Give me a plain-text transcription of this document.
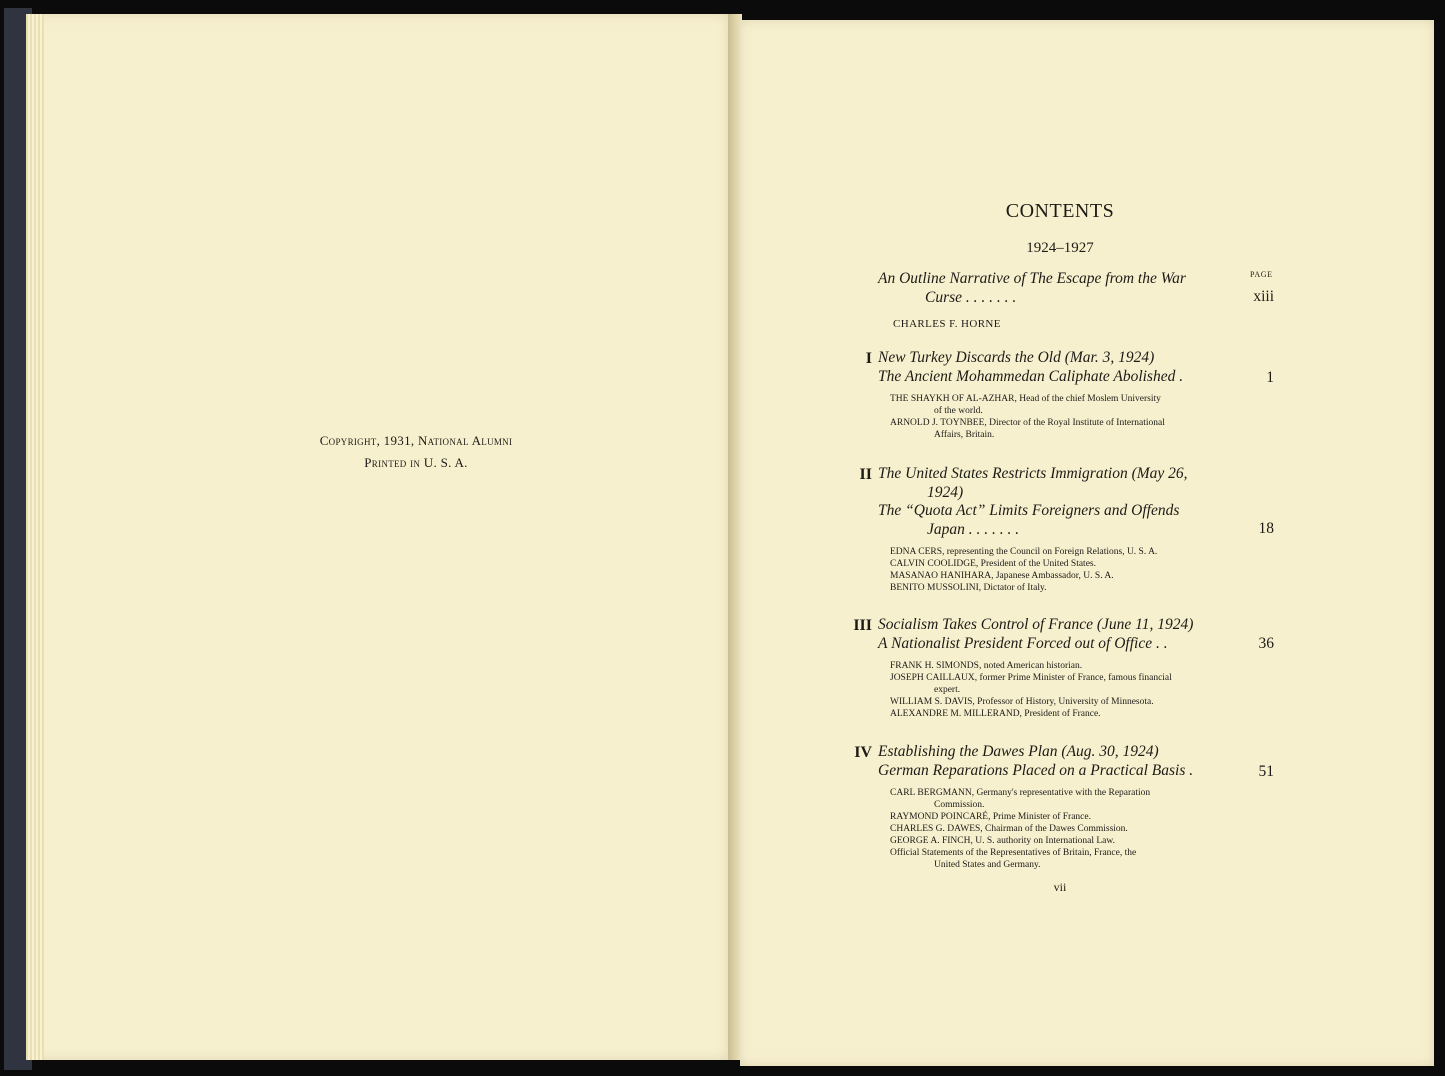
Copyright, 1931, National Alumni
Printed in U. S. A.
CONTENTS
1924–1927
PAGE
An Outline Narrative of The Escape from the War
Curse . . . . . . .	xiii
CHARLES F. HORNE
I New Turkey Discards the Old (Mar. 3, 1924)
The Ancient Mohammedan Caliphate Abolished .	1
THE SHAYKH OF AL-AZHAR, Head of the chief Moslem University
of the world.
ARNOLD J. TOYNBEE, Director of the Royal Institute of International
Affairs, Britain.
II The United States Restricts Immigration (May 26,
1924)
The “Quota Act” Limits Foreigners and Offends
Japan . . . . . . .	18
EDNA CERS, representing the Council on Foreign Relations, U. S. A.
CALVIN COOLIDGE, President of the United States.
MASANAO HANIHARA, Japanese Ambassador, U. S. A.
BENITO MUSSOLINI, Dictator of Italy.
III Socialism Takes Control of France (June 11, 1924)
A Nationalist President Forced out of Office . .	36
FRANK H. SIMONDS, noted American historian.
JOSEPH CAILLAUX, former Prime Minister of France, famous financial
expert.
WILLIAM S. DAVIS, Professor of History, University of Minnesota.
ALEXANDRE M. MILLERAND, President of France.
IV Establishing the Dawes Plan (Aug. 30, 1924)
German Reparations Placed on a Practical Basis .	51
CARL BERGMANN, Germany's representative with the Reparation
Commission.
RAYMOND POINCARÉ, Prime Minister of France.
CHARLES G. DAWES, Chairman of the Dawes Commission.
GEORGE A. FINCH, U. S. authority on International Law.
Official Statements of the Representatives of Britain, France, the
United States and Germany.
vii
